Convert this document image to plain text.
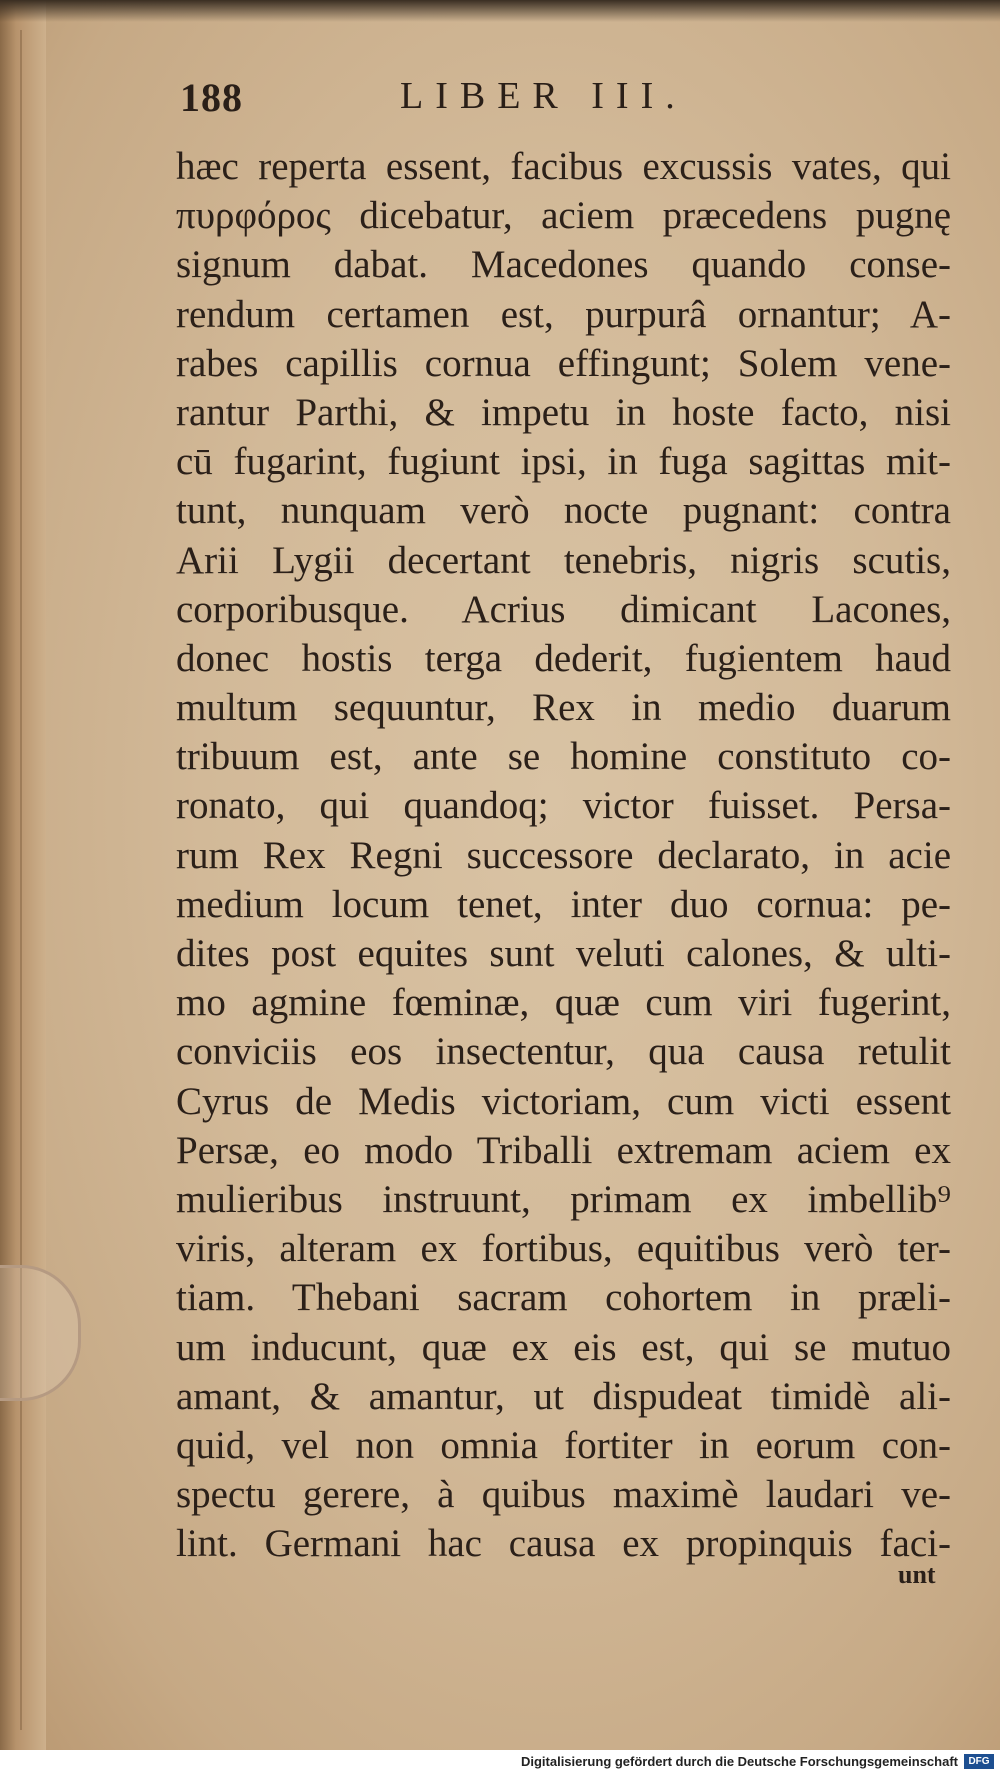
188	LIBER III.
hæc reperta essent, facibus excussis vates, qui
πυρφόρος dicebatur, aciem præcedens pugnę
signum dabat. Macedones quando conse-
rendum certamen est, purpurâ ornantur; A-
rabes capillis cornua effingunt; Solem vene-
rantur Parthi, & impetu in hoste facto, nisi
cū fugarint, fugiunt ipsi, in fuga sagittas mit-
tunt, nunquam verò nocte pugnant: contra
Arii Lygii decertant tenebris, nigris scutis,
corporibusque. Acrius dimicant Lacones,
donec hostis terga dederit, fugientem haud
multum sequuntur, Rex in medio duarum
tribuum est, ante se homine constituto co-
ronato, qui quandoq; victor fuisset. Persa-
rum Rex Regni successore declarato, in acie
medium locum tenet, inter duo cornua: pe-
dites post equites sunt veluti calones, & ulti-
mo agmine fœminæ, quæ cum viri fugerint,
conviciis eos insectentur, qua causa retulit
Cyrus de Medis victoriam, cum victi essent
Persæ, eo modo Triballi extremam aciem ex
mulieribus instruunt, primam ex imbellib⁹
viris, alteram ex fortibus, equitibus verò ter-
tiam. Thebani sacram cohortem in præli-
um inducunt, quæ ex eis est, qui se mutuo
amant, & amantur, ut dispudeat timidè ali-
quid, vel non omnia fortiter in eorum con-
spectu gerere, à quibus maximè laudari ve-
lint. Germani hac causa ex propinquis faci-
unt
Digitalisierung gefördert durch die Deutsche Forschungsgemeinschaft	DFG
